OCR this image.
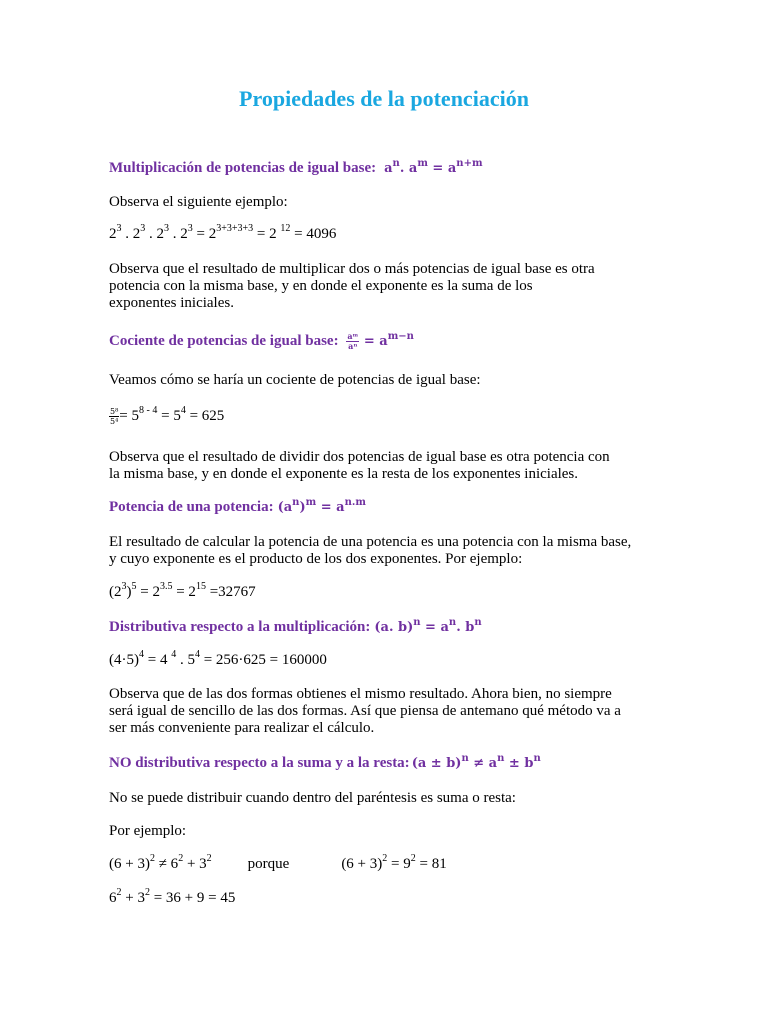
Propiedades de la potenciación

Multiplicación de potencias de igual base: $a^n$. $a^m = a^{n+m}$

Observa el siguiente ejemplo:

$2^3$ . $2^3$ . $2^3$ . $2^3 = 2^{3+3+3+3} = 2$ $^{12}$ = 4096

Observa que el resultado de multiplicar dos o más potencias de igual base es otra
potencia con la misma base, y en donde el exponente es la suma de los
exponentes iniciales.

Cociente de potencias de igual base: $\frac{\text{aᵐ}}{\text{aⁿ}} = a^{m-n}$

Veamos cómo se haría un cociente de potencias de igual base:

$\frac{\text{5⁸}}{\text{5⁴}} = 5^{8 - 4} = 5^4 = 625$

Observa que el resultado de dividir dos potencias de igual base es otra potencia con
la misma base, y en donde el exponente es la resta de los exponentes iniciales.

Potencia de una potencia: $(a^n)^m = a^{n.m}$

El resultado de calcular la potencia de una potencia es una potencia con la misma base,
y cuyo exponente es el producto de los dos exponentes. Por ejemplo:

$(2^3)^5 = 2^{3.5} = 2^{15} =32767$

Distributiva respecto a la multiplicación: (a. $b)^n = a^n$. $b^n$

$(4\cdot 5)^4 = 4$ $^4$ . $5^4 = 256\cdot 625 = 160000$

Observa que de las dos formas obtienes el mismo resultado. Ahora bien, no siempre
será igual de sencillo de las dos formas. Así que piensa de antemano qué método va a
ser más conveniente para realizar el cálculo.

NO distributiva respecto a la suma y a la resta: $(a \pm b)^n \ne a^n \pm b^n$

No se puede distribuir cuando dentro del paréntesis es suma o resta:

Por ejemplo:

$(6 + 3)^2 \ne 6^2 + 3^2$ porque	$(6 + 3)^2 = 9^2 = 81$

$6^2 + 3^2 = 36 + 9 = 45$
